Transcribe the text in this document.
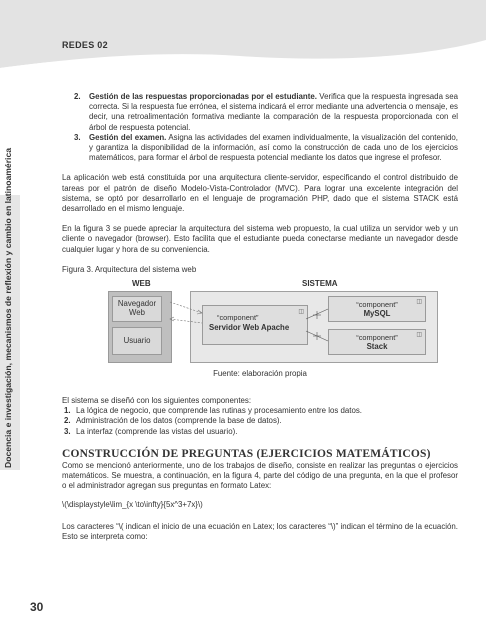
REDES 02
Docencia e investigación, mecanismos de reflexión y cambio en latinoamérica
2. Gestión de las respuestas proporcionadas por el estudiante. Verifica que la respuesta ingresada sea correcta. Si la respuesta fue errónea, el sistema indicará el error mediante una advertencia o mensaje, es decir, una retroalimentación formativa mediante la comparación de la respuesta proporcionada con el árbol de respuesta potencial.
3. Gestión del examen. Asigna las actividades del examen individualmente, la visualización del contenido, y garantiza la disponibilidad de la información, así como la construcción de cada uno de los ejercicios matemáticos, para formar el árbol de respuesta potencial mediante los datos que ingrese el profesor.

La aplicación web está constituida por una arquitectura cliente-servidor, especificando el control distribuido de tareas por el patrón de diseño Modelo-Vista-Controlador (MVC). Para lograr una excelente integración del sistema, se optó por desarrollarlo en el lenguaje de programación PHP, dado que el sistema STACK está desarrollado en el mismo lenguaje.

En la figura 3 se puede apreciar la arquitectura del sistema web propuesto, la cual utiliza un servidor web y un cliente o navegador (browser). Esto facilita que el estudiante pueda conectarse mediante un navegador desde cualquier lugar y hora de su conveniencia.

Figura 3. Arquitectura del sistema web

WEB	SISTEMA
Navegador Web
Usuario
“component”
Servidor Web Apache
◫
“component”
MySQL
◫
“component”
Stack
◫
Fuente: elaboración propia

El sistema se diseñó con los siguientes componentes:

1. La lógica de negocio, que comprende las rutinas y procesamiento entre los datos.
2. Administración de los datos (comprende la base de datos).
3. La interfaz (comprende las vistas del usuario).
CONSTRUCCIÓN DE PREGUNTAS (EJERCICIOS MATEMÁTICOS)

Como se mencionó anteriormente, uno de los trabajos de diseño, consiste en realizar las preguntas o ejercicios matemáticos. Se muestra, a continuación, en la figura 4, parte del código de una pregunta, en la que el profesor o el administrador agregan sus preguntas en formato Latex:

\(\displaystyle\lim_{x \to\infty}{5x^3+7x}\)

Los caracteres “\( indican el inicio de una ecuación en Latex; los caracteres “\)” indican el término de la ecuación. Esto se interpreta como:

30
